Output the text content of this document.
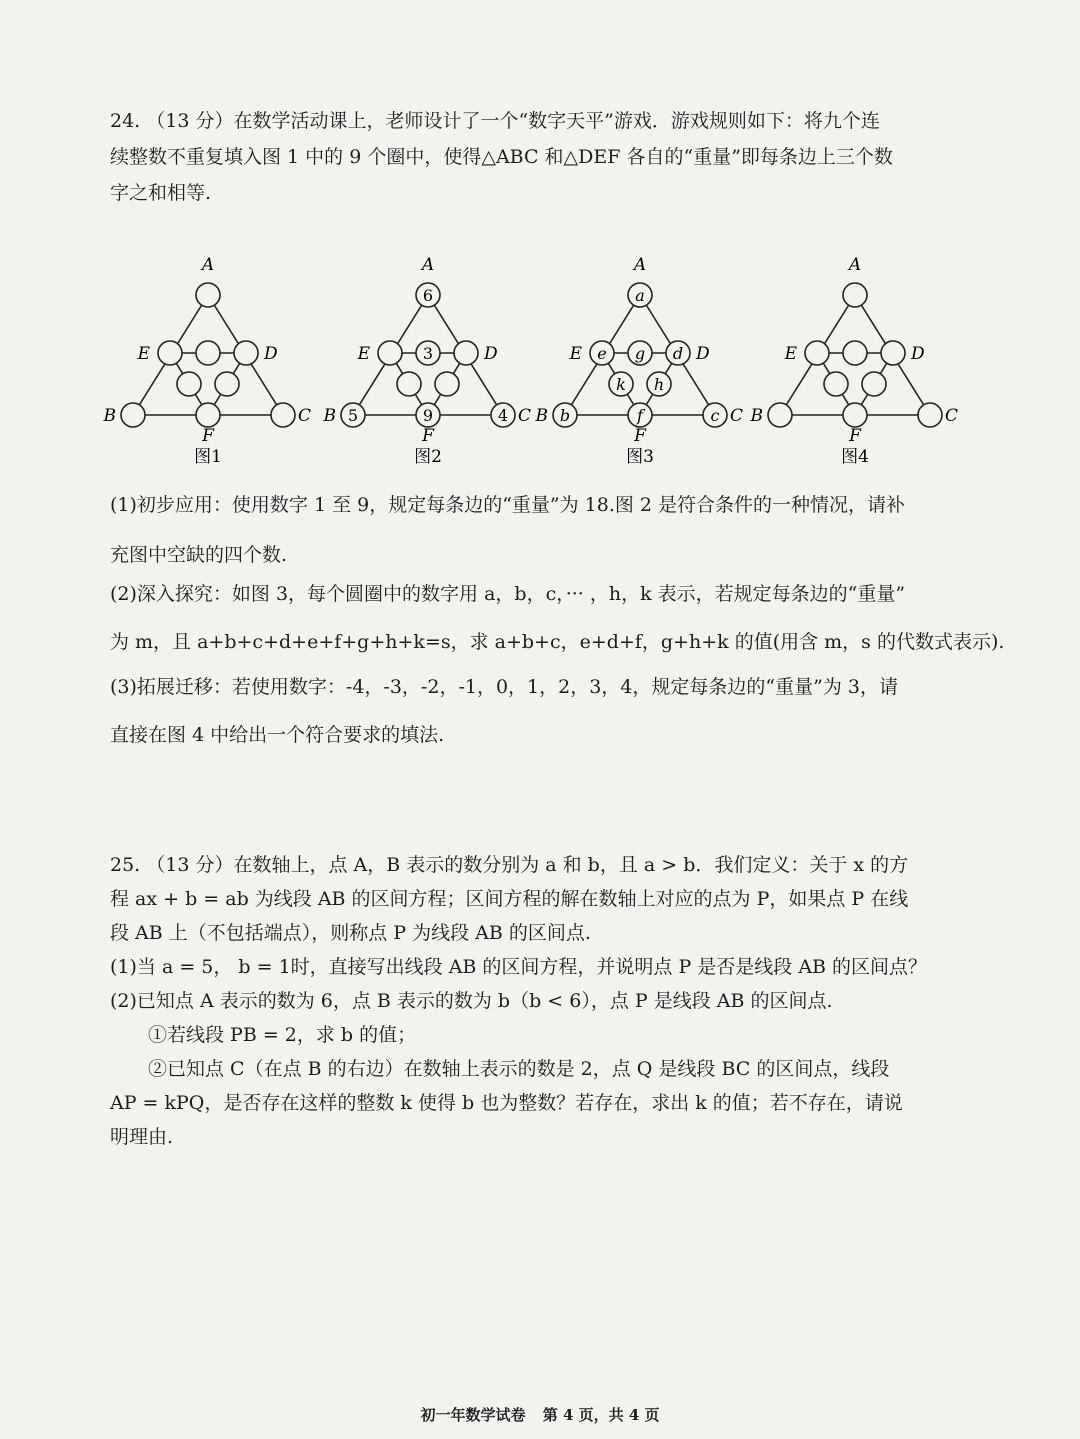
24. （13 分）在数学活动课上，老师设计了一个“数字天平”游戏．游戏规则如下：将九个连
续整数不重复填入图 1 中的 9 个圈中，使得△ABC 和△DEF 各自的“重量”即每条边上三个数
字之和相等.
A
E	D
B	C
F
图1
6
3
5	9	4
A
E	D
B	C
F
图2
a
e g d
k h
b	f	c
A
E	D
B	C
F
图3
A
E	D
B	C
F
图4
(1)初步应用：使用数字 1 至 9，规定每条边的“重量”为 18.图 2 是符合条件的一种情况，请补
充图中空缺的四个数.
(2)深入探究：如图 3，每个圆圈中的数字用 a，b，c，··· ，h，k 表示，若规定每条边的“重量”
为 m，且 a+b+c+d+e+f+g+h+k=s，求 a+b+c，e+d+f，g+h+k 的值(用含 m，s 的代数式表示).
(3)拓展迁移：若使用数字：-4，-3，-2，-1，0，1，2，3，4，规定每条边的“重量”为 3，请
直接在图 4 中给出一个符合要求的填法.
25. （13 分）在数轴上，点 A，B 表示的数分别为 a 和 b，且 a > b．我们定义：关于 x 的方
程 ax + b = ab 为线段 AB 的区间方程；区间方程的解在数轴上对应的点为 P，如果点 P 在线
段 AB 上（不包括端点），则称点 P 为线段 AB 的区间点.
(1)当 a = 5， b = 1时，直接写出线段 AB 的区间方程，并说明点 P 是否是线段 AB 的区间点？
(2)已知点 A 表示的数为 6，点 B 表示的数为 b（b < 6），点 P 是线段 AB 的区间点.
①若线段 PB = 2，求 b 的值；
②已知点 C（在点 B 的右边）在数轴上表示的数是 2，点 Q 是线段 BC 的区间点，线段
AP = kPQ，是否存在这样的整数 k 使得 b 也为整数？若存在，求出 k 的值；若不存在，请说
明理由.
初一年数学试卷 第 4 页，共 4 页
